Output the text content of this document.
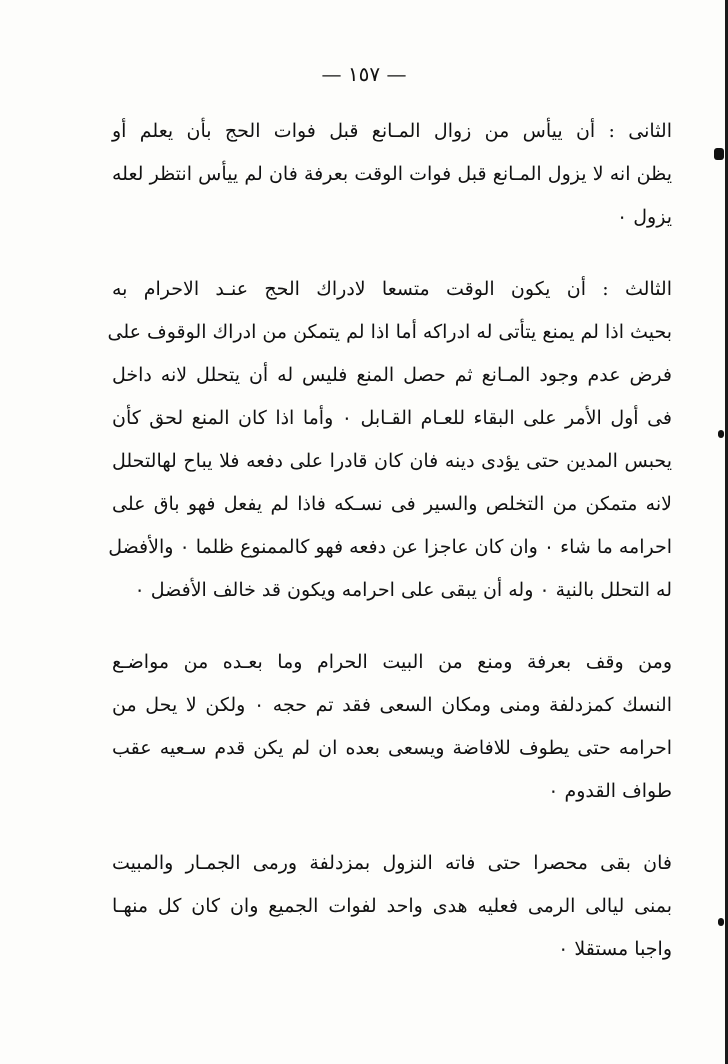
— ١٥٧ —
الثانى : أن ييأس من زوال المـانع قبل فوات الحج بأن يعلم أو
يظن انه لا يزول المـانع قبل فوات الوقت بعرفة فان لم ييأس انتظر لعله
يزول ٠
الثالث : أن يكون الوقت متسعا لادراك الحج عنـد الاحرام به
بحيث اذا لم يمنع يتأتى له ادراكه أما اذا لم يتمكن من ادراك الوقوف على
فرض عدم وجود المـانع ثم حصل المنع فليس له أن يتحلل لانه داخل
فى أول الأمر على البقاء للعـام القـابل ٠ وأما اذا كان المنع لحق كأن
يحبس المدين حتى يؤدى دينه فان كان قادرا على دفعه فلا يباح لهالتحلل
لانه متمكن من التخلص والسير فى نسـكه فاذا لم يفعل فهو باق على
احرامه ما شاء ٠ وان كان عاجزا عن دفعه فهو كالممنوع ظلما ٠ والأفضل
له التحلل بالنية ٠ وله أن يبقى على احرامه ويكون قد خالف الأفضل ٠
ومن وقف بعرفة ومنع من البيت الحرام وما بعـده من مواضـع
النسك كمزدلفة ومنى ومكان السعى فقد تم حجه ٠ ولكن لا يحل من
احرامه حتى يطوف للافاضة ويسعى بعده ان لم يكن قدم سـعيه عقب
طواف القدوم ٠
فان بقى محصرا حتى فاته النزول بمزدلفة ورمى الجمـار والمبيت
بمنى ليالى الرمى فعليه هدى واحد لفوات الجميع وان كان كل منهـا
واجبا مستقلا ٠
